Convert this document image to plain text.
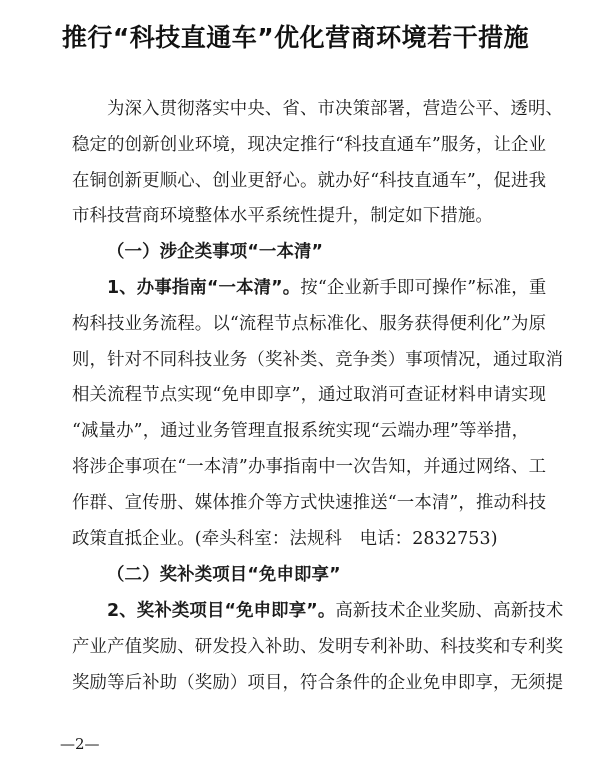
推行“科技直通车”优化营商环境若干措施
为深入贯彻落实中央、省、市决策部署，营造公平、透明、
稳定的创新创业环境，现决定推行“科技直通车”服务，让企业
在铜创新更顺心、创业更舒心。就办好“科技直通车”，促进我
市科技营商环境整体水平系统性提升，制定如下措施。
（一）涉企类事项“一本清”
1、办事指南“一本清”。按“企业新手即可操作”标准，重
构科技业务流程。以“流程节点标准化、服务获得便利化”为原
则，针对不同科技业务（奖补类、竞争类）事项情况，通过取消
相关流程节点实现“免申即享”，通过取消可查证材料申请实现
“减量办”，通过业务管理直报系统实现“云端办理”等举措，
将涉企事项在“一本清”办事指南中一次告知，并通过网络、工
作群、宣传册、媒体推介等方式快速推送“一本清”，推动科技
政策直抵企业。(牵头科室：法规科　电话：2832753)
（二）奖补类项目“免申即享”
2、奖补类项目“免申即享”。高新技术企业奖励、高新技术
产业产值奖励、研发投入补助、发明专利补助、科技奖和专利奖
奖励等后补助（奖励）项目，符合条件的企业免申即享，无须提
—2—
